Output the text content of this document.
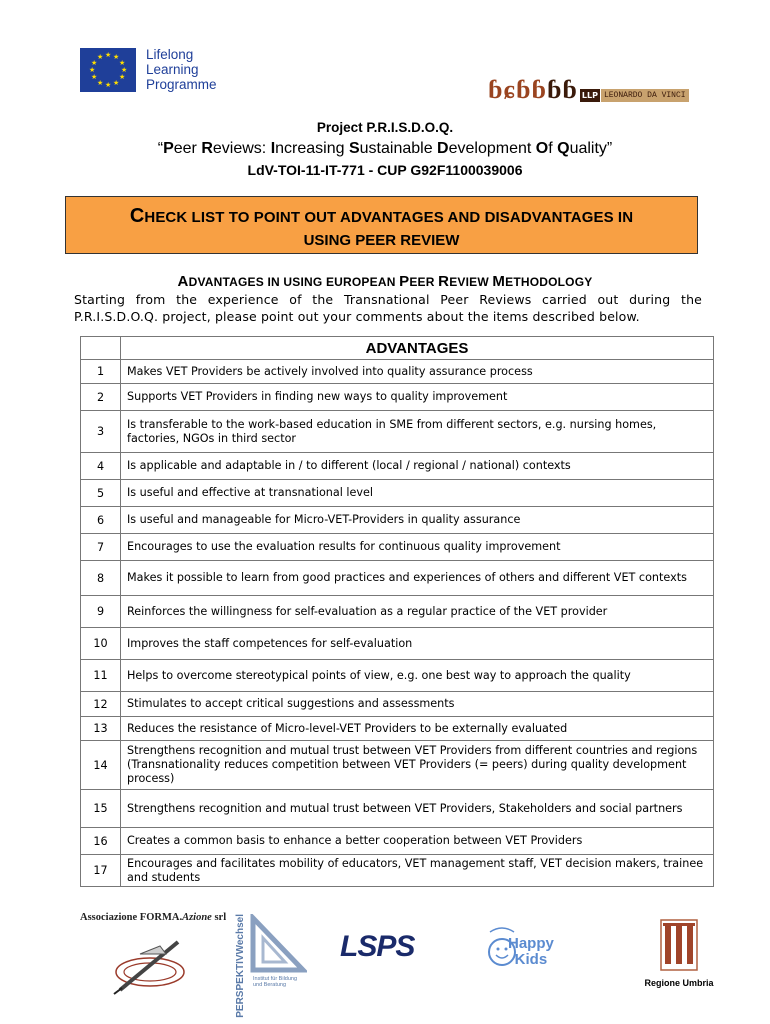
★ ★
★
★
★
★
★
★
★
★
★
★	Lifelong
Learning
Programme	ɓ ɕ ɓ ɓ ɓ ɓ LLP LEONARDO DA VINCI
Project P.R.I.S.D.O.Q.
“Peer Reviews: Increasing Sustainable Development Of Quality”
LdV-TOI-11-IT-771 - CUP G92F1100039006
CHECK LIST TO POINT OUT ADVANTAGES AND DISADVANTAGES IN
USING PEER REVIEW
ADVANTAGES IN USING EUROPEAN PEER REVIEW METHODOLOGY
Starting from the experience of the Transnational Peer Reviews carried out during the P.R.I.S.D.O.Q. project, please point out your comments about the items described below.
	ADVANTAGES
1	Makes VET Providers be actively involved into quality assurance process
2	Supports VET Providers in finding new ways to quality improvement
3	Is transferable to the work-based education in SME from different sectors, e.g. nursing homes, factories, NGOs in third sector
4	Is applicable and adaptable in / to different (local / regional / national) contexts
5	Is useful and effective at transnational level
6	Is useful and manageable for Micro-VET-Providers in quality assurance
7	Encourages to use the evaluation results for continuous quality improvement
8	Makes it possible to learn from good practices and experiences of others and different VET contexts
9	Reinforces the willingness for self-evaluation as a regular practice of the VET provider
10	Improves the staff competences for self-evaluation
11	Helps to overcome stereotypical points of view, e.g. one best way to approach the quality
12	Stimulates to accept critical suggestions and assessments
13	Reduces the resistance of Micro-level-VET Providers to be externally evaluated
14	Strengthens recognition and mutual trust between VET Providers from different countries and regions (Transnationality reduces competition between VET Providers (= peers) during quality development process)
15	Strengthens recognition and mutual trust between VET Providers, Stakeholders and social partners
16	Creates a common basis to enhance a better cooperation between VET Providers
17	Encourages and facilitates mobility of educators, VET management staff, VET decision makers, trainee and students
Associazione FORMA.Azione srl PERSPEKTIVWechsel Institut für Bildung
und Beratung
LSPS	Happy
Kids
Regione Umbria
